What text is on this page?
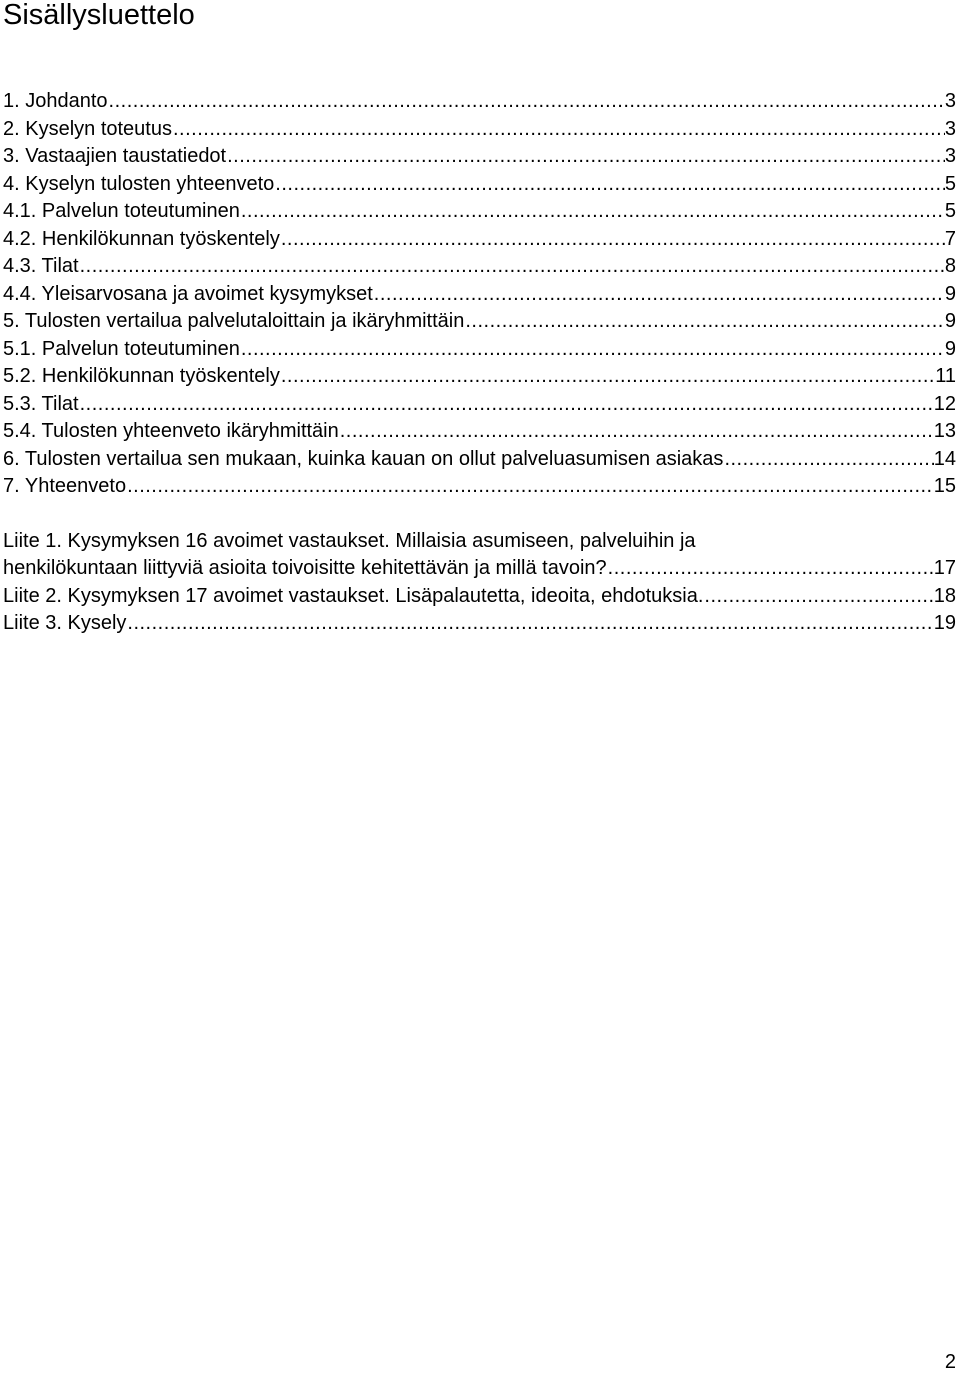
Sisällysluettelo
1. Johdanto .....	3
2. Kyselyn toteutus .....	3
3. Vastaajien taustatiedot .....	3
4. Kyselyn tulosten yhteenveto .....	5
4.1. Palvelun toteutuminen .....	5
4.2. Henkilökunnan työskentely .....	7
4.3. Tilat .....	8
4.4. Yleisarvosana ja avoimet kysymykset .....	9
5. Tulosten vertailua palvelutaloittain ja ikäryhmittäin .....	9
5.1. Palvelun toteutuminen .....	9
5.2. Henkilökunnan työskentely .....	11
5.3. Tilat .....	12
5.4. Tulosten yhteenveto ikäryhmittäin .....	13
6. Tulosten vertailua sen mukaan, kuinka kauan on ollut palveluasumisen asiakas .....	14
7. Yhteenveto .....	15
Liite 1. Kysymyksen 16 avoimet vastaukset. Millaisia asumiseen, palveluihin ja
henkilökuntaan liittyviä asioita toivoisitte kehitettävän ja millä tavoin? .....	17
Liite 2. Kysymyksen 17 avoimet vastaukset. Lisäpalautetta, ideoita, ehdotuksia. .....	18
Liite 3. Kysely .....	19
2
